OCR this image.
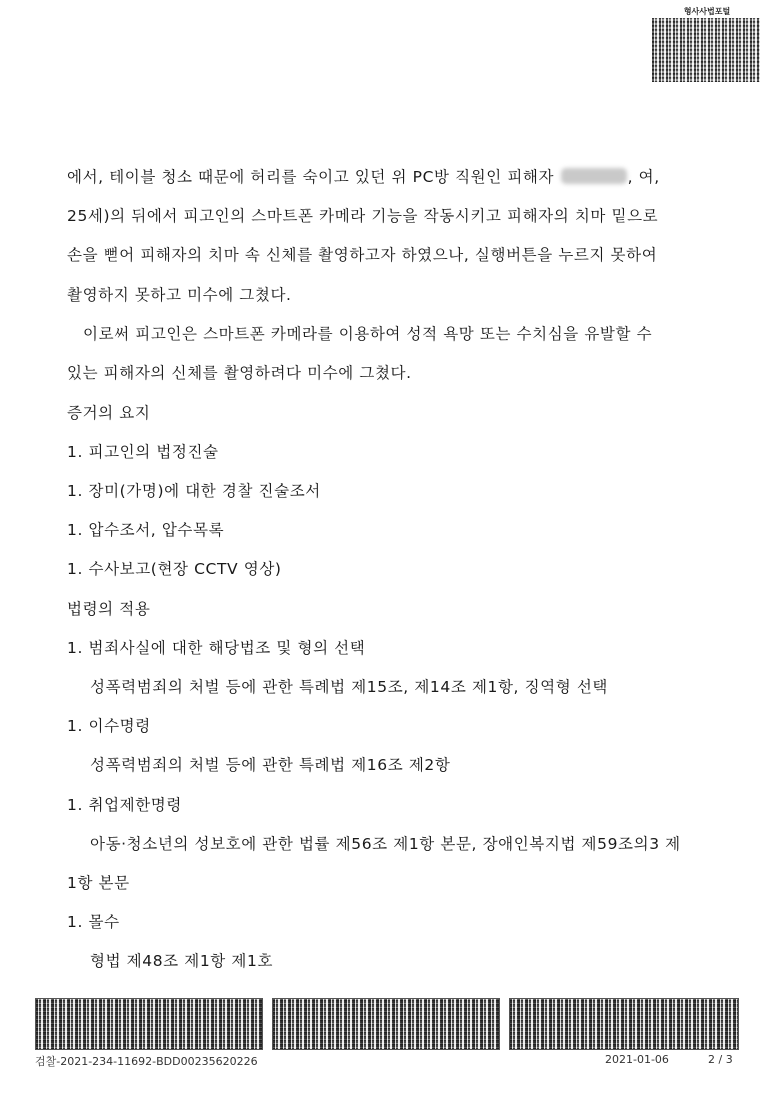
형사사법포털
에서, 테이블 청소 때문에 허리를 숙이고 있던 위 PC방 직원인 피해자	, 여,
25세)의 뒤에서 피고인의 스마트폰 카메라 기능을 작동시키고 피해자의 치마 밑으로
손을 뻗어 피해자의 치마 속 신체를 촬영하고자 하였으나, 실행버튼을 누르지 못하여
촬영하지 못하고 미수에 그쳤다.
이로써 피고인은 스마트폰 카메라를 이용하여 성적 욕망 또는 수치심을 유발할 수
있는 피해자의 신체를 촬영하려다 미수에 그쳤다.
증거의 요지
1. 피고인의 법정진술
1. 장미(가명)에 대한 경찰 진술조서
1. 압수조서, 압수목록
1. 수사보고(현장 CCTV 영상)
법령의 적용
1. 범죄사실에 대한 해당법조 및 형의 선택
성폭력범죄의 처벌 등에 관한 특례법 제15조, 제14조 제1항, 징역형 선택
1. 이수명령
성폭력범죄의 처벌 등에 관한 특례법 제16조 제2항
1. 취업제한명령
아동·청소년의 성보호에 관한 법률 제56조 제1항 본문, 장애인복지법 제59조의3 제
1항 본문
1. 몰수
형법 제48조 제1항 제1호
검찰-2021-234-11692-BDD00235620226	2021-01-06	2 / 3
